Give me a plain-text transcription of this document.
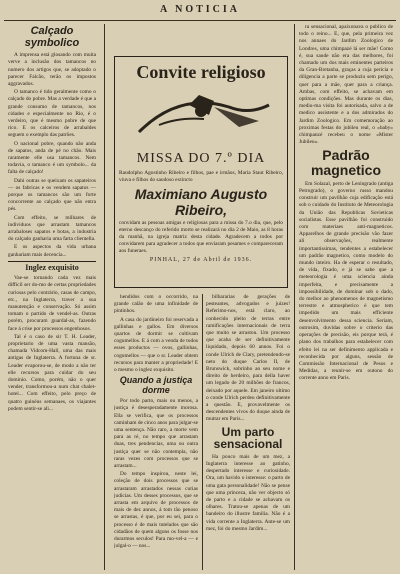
A NOTICIA
Calçado symbolico

A imprensa está glosando com muita verve a inclusão dos tamancos no numero dos artigos que, se adoptado o parecer Falcão, terão os impostos aggravados.

O tamanco é tido geralmente como o calçado do pobre. Mas a verdade é que a grande consumo de tamancos, nos cidades e especialmente no Rio, é o verdeiro, que é mesmo pobre de que rico. E os calceiros de arrabaldes seguem o exemplo das patrões.

O nacional pobre, quando não anda de sapatos, anda de pé no chão. Mais raramente elle usa tamancos. Nem todavia, o tamanco é um symbolo... da falta de calçado!

Dahi outras se queixam os sapateiros — os fabricas e os vendem sapatos — porque os tamancos são um forte concorrente ao calçado que não entra pés.

Com effeito, se milhares de individuos que arrastam tamancos arrabaloses sapatos e botas, a industria do calçado ganharia uma farta clientella.

E os aspectos da vida urbana ganhariam mais decencia...

Inglez exquisito

Vae-se tornando cada vez mais difficil ser do-mo de certas propriedades curiosas pelo contrário, casas de campo, etc., na Inglaterra, traver a sua manutenção e conservação. Só assim tomam o partido de vendel-as. Outras porém, procuram guardal-as, fazendo face á crise por processos engenhosos.

Tal é o caso de sir T. H. Leader, proprietario de uma vasta mansão, chamada Vidcom-Hall, uma das mais antigas de Inglaterra. A fortuna de sr. Leader evaporou-se, de modo a não ter elle recursos para cuidar do seu dominio. Como, porém, não o quer vender, transformou-a num chat chalet-hotel... Com effeito, pelo preço de quatro guinéus semanaes, os viajantes podem sentir-se ali...

Convite religioso
MISSA DO 7.º DIA
Raudolpho Agostinho Ribeiro e filhos, pae e irmãos, Maria Staut Ribeiro, viuva e filhos do saudoso extincto
Maximiano Augusto Ribeiro,
convidam as pessoas amigas e religiosas para a missa do 7.o dia, que, pelo eterno descanço do referido morto se realizará no dia 2 de Maio, as 8 horas da manhã, na igreja matriz desta cidade. Agradecem a todos por convidarem para agradecer a todos que enviaram pesames e compareceram aos funeraes.
PINHAL, 27 de Abril de 1936.

hendidos com o occorrido, na grande calão de uma infinidade de pintinhos.

A casa do jardineiro foi reservada a gallinhas e gallos. Em diversos quartos de dormir se cultivam cogumellos. E á com a venda de todos esses productos — ovos, gallinhas, cogumellos — que o sr. Leader obtem recursos para manter a propriedade! E o mesmo o inglez exquisito.

Quando a justiça dorme

Por todo parto, mais ou menos, a justiça é desesperadamente morosa. Ella se verifica, que os processos caminham de cinco anos para julgar-se uma sentença. Não raro, a morte vem para as ré, no tempo que arrastam duas, tres pendencias, uma ou outra justiça quer se não contempla, não raras vezes com processos que se arrastam...

Do tempo inspirou, neste lei, coleção de dois processos que se arrastaram arrastados nessas curias judicias. Um desses processos, que se arrasta em arquivo de processos de mais de dez annos, á tom tão penoso se arrastas, é que, por eu sei, para o processo é de mais tutelados que são cidadãos de quem alguns os fosse nos durarmos seculos! Para mo-vel-a — e julgal-o — nos...

bilhararias de gerações de pesteantes, advogados e juizes! Referimo-nos, está claro, ao conhecido pleito de terras entre ramificações internacionais de terra que muito se arrastou. Um processo que acaba de ser definitivamente liquidado, depois 60 annos. Foi o conde Ulrich de Clary, pretendendo-se neto do duque Carlos II, de Brunswick, sobrinho ao seu nome e direito de herdeiro, para della haver um legado de 20 milhões de francos, deixado por aquele. Em janeiro ultimo o conde Ulrich perdeu definitivamente a questão. E, provavelmente os descendentes vivos do duque ainda de mutrar em Paris...

Um parto sensacional

Ha pouco mais de um mez, a Inglaterra interesse ao gatinho, despertado interesse e curiosidade. Ora, um havido o interesse: o parto de uma gata personalidade! Não se pense que uma princeza, não ver objecto só de parto e a cidade se achavam os olhares. Tratou-se apenas de um bandeiro do illustre familia. Não é a vida corrente a Inglaterra. Ante-se um mez, foi do mesmo Jardim...

ra sensacional, apaixonava o publico de todo o reino... E, que, pela primeira vez nos annaes do Jardim Zoologico de Londres, uma chimpazé lá ser mãe! Como é, sua saude não era das melhores, foi chamado um dos mais eminentes parteiros da Gran-Bretanha, graças a cuja pericia e diligencia a parte se produziu sem perigo, quer para a mãe, quer para a criança. Ambas, com effeito, se achavam em optimas condições. Mas durante os dias, mediu-ma visita foi autorisada, salvo a de medico assistente e a dos admirados do Jardim Zoologico. Em comemoração ao proximas festas do jubileu real, o «baby» chimpanzé recebeu o nome «Mister Jubileu».

Padrão magnetico

Em Solazal, perto de Leningrado (antiga Petrogrado), o governo russo mandou construir um pavilhão cuja edificação está sob o cuidado do Instituto de Meteorologia da União das Republicas Sovieticas socialistas. Esse pavilhão foi construido com materiaes anti-magneticos. Apparelhos de grande precisão vão fazer ali observações, realmente importantissimas, tendentes a estabelecer um padrão magnetico, como modelo do mundo inteiro. Ha de esperar o resultado, de vida, fixado, e já se sabe que a meteorologia é uma sciencia ainda imperfeita, e precisamente a impossibilidade, de dominar sob o dado, do melhor ao phenomenos de magnetismo terrestre e atmospherico é que tem impedido um mais efficiente desenvolvimento dessa sciencia. Seriam, outrosim, duvidas sobre o criterio das operações de precisão, eis porque terá, é plano dos trabalhos para estabelecer com efeito lei na ser definimento applicada e reconhecida por alguns, sessão de Commissão Internacional de Pesos e Medidas, a reunir-se em outono do corrente anno em Paris.
